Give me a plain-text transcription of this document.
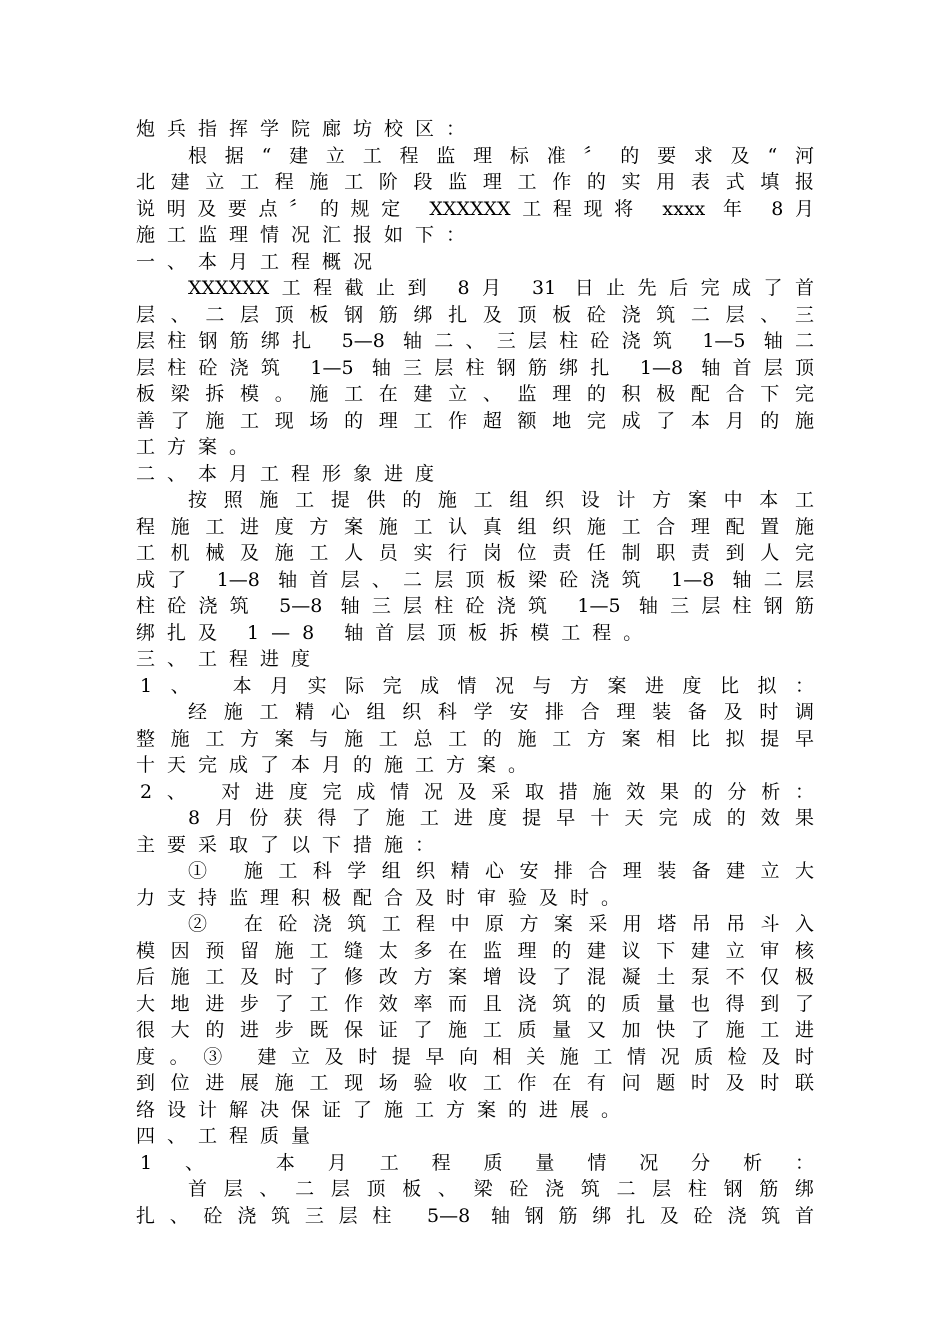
炮兵指挥学院廊坊校区：
根据“建立工程监理标准〞的要求及“河
北建立工程施工阶段监理工作的实用表式填报
说明及要点〞的规定 XXXXXX工程现将 xxxx 年 8月
施工监理情况汇报如下：
一、本月工程概况
XXXXXX工程截止到 8月 31 日止先后完成了首
层、二层顶板钢筋绑扎及顶板砼浇筑二层、三
层柱钢筋绑扎 5—8 轴二、三层柱砼浇筑 1—5 轴二
层柱砼浇筑 1—5 轴三层柱钢筋绑扎 1—8 轴首层顶
板梁拆模。施工在建立、监理的积极配合下完
善了施工现场的理工作超额地完成了本月的施
工方案。
二、本月工程形象进度
按照施工提供的施工组织设计方案中本工
程施工进度方案施工认真组织施工合理配置施
工机械及施工人员实行岗位责任制职责到人完
成了 1—8 轴首层、二层顶板梁砼浇筑 1—8 轴二层
柱砼浇筑 5—8 轴三层柱砼浇筑 1—5 轴三层柱钢筋
绑扎及 1—8 轴首层顶板拆模工程。
三、工程进度
1、 本月实际完成情况与方案进度比拟：
经施工精心组织科学安排合理装备及时调
整施工方案与施工总工的施工方案相比拟提早
十天完成了本月的施工方案。
2、 对进度完成情况及采取措施效果的分析：
8月份获得了施工进度提早十天完成的效果
主要采取了以下措施：
① 施工科学组织精心安排合理装备建立大
力支持监理积极配合及时审验及时。
② 在砼浇筑工程中原方案采用塔吊吊斗入
模因预留施工缝太多在监理的建议下建立审核
后施工及时了修改方案增设了混凝土泵不仅极
大地进步了工作效率而且浇筑的质量也得到了
很大的进步既保证了施工质量又加快了施工进
度。③ 建立及时提早向相关施工情况质检及时
到位进展施工现场验收工作在有问题时及时联
络设计解决保证了施工方案的进展。
四、工程质量
1、 本月工程质量情况分析：
首层、二层顶板、梁砼浇筑二层柱钢筋绑
扎、砼浇筑三层柱 5—8 轴钢筋绑扎及砼浇筑首
